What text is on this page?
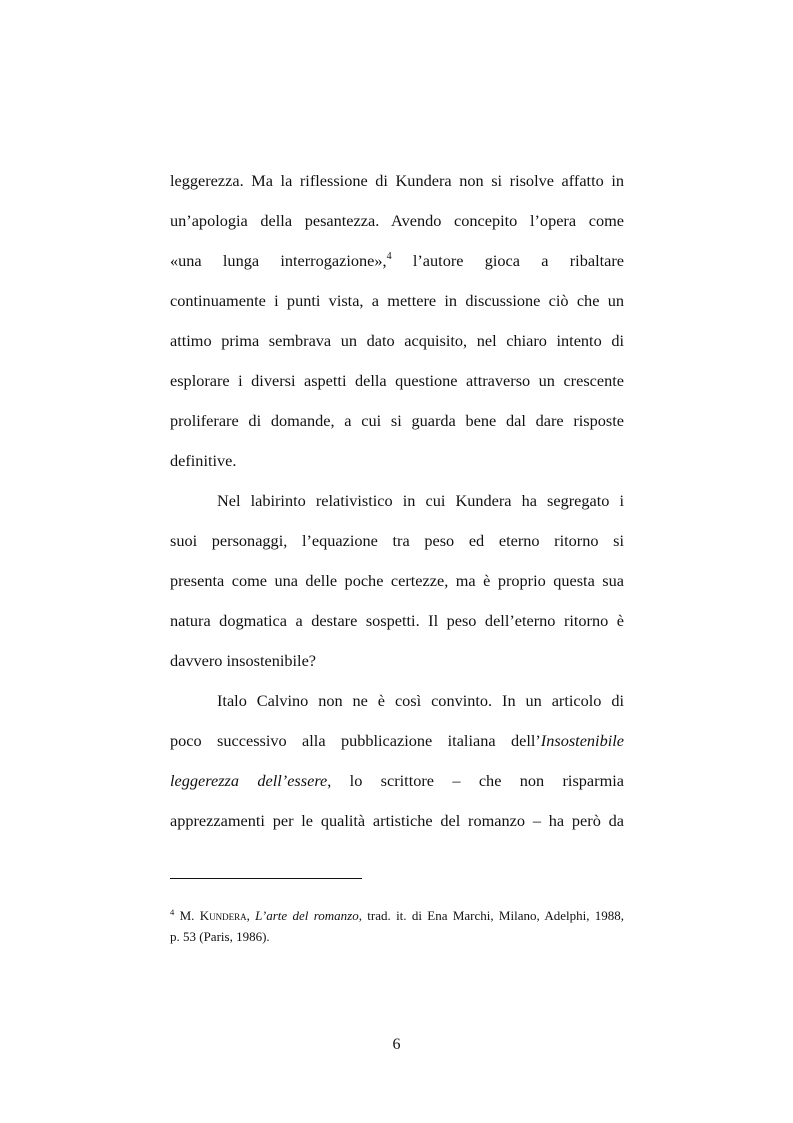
leggerezza. Ma la riflessione di Kundera non si risolve affatto in
un’apologia della pesantezza. Avendo concepito l’opera come
«una lunga interrogazione»,$^4$ l’autore gioca a ribaltare
continuamente i punti vista, a mettere in discussione ciò che un
attimo prima sembrava un dato acquisito, nel chiaro intento di
esplorare i diversi aspetti della questione attraverso un crescente
proliferare di domande, a cui si guarda bene dal dare risposte
definitive.

Nel labirinto relativistico in cui Kundera ha segregato i
suoi personaggi, l’equazione tra peso ed eterno ritorno si
presenta come una delle poche certezze, ma è proprio questa sua
natura dogmatica a destare sospetti. Il peso dell’eterno ritorno è
davvero insostenibile?

Italo Calvino non ne è così convinto. In un articolo di
poco successivo alla pubblicazione italiana dell’Insostenibile
leggerezza dell’essere, lo scrittore – che non risparmia
apprezzamenti per le qualità artistiche del romanzo – ha però da

$^4$ M. Kundera, L’arte del romanzo, trad. it. di Ena Marchi, Milano, Adelphi, 1988,
p. 53 (Paris, 1986).
6
